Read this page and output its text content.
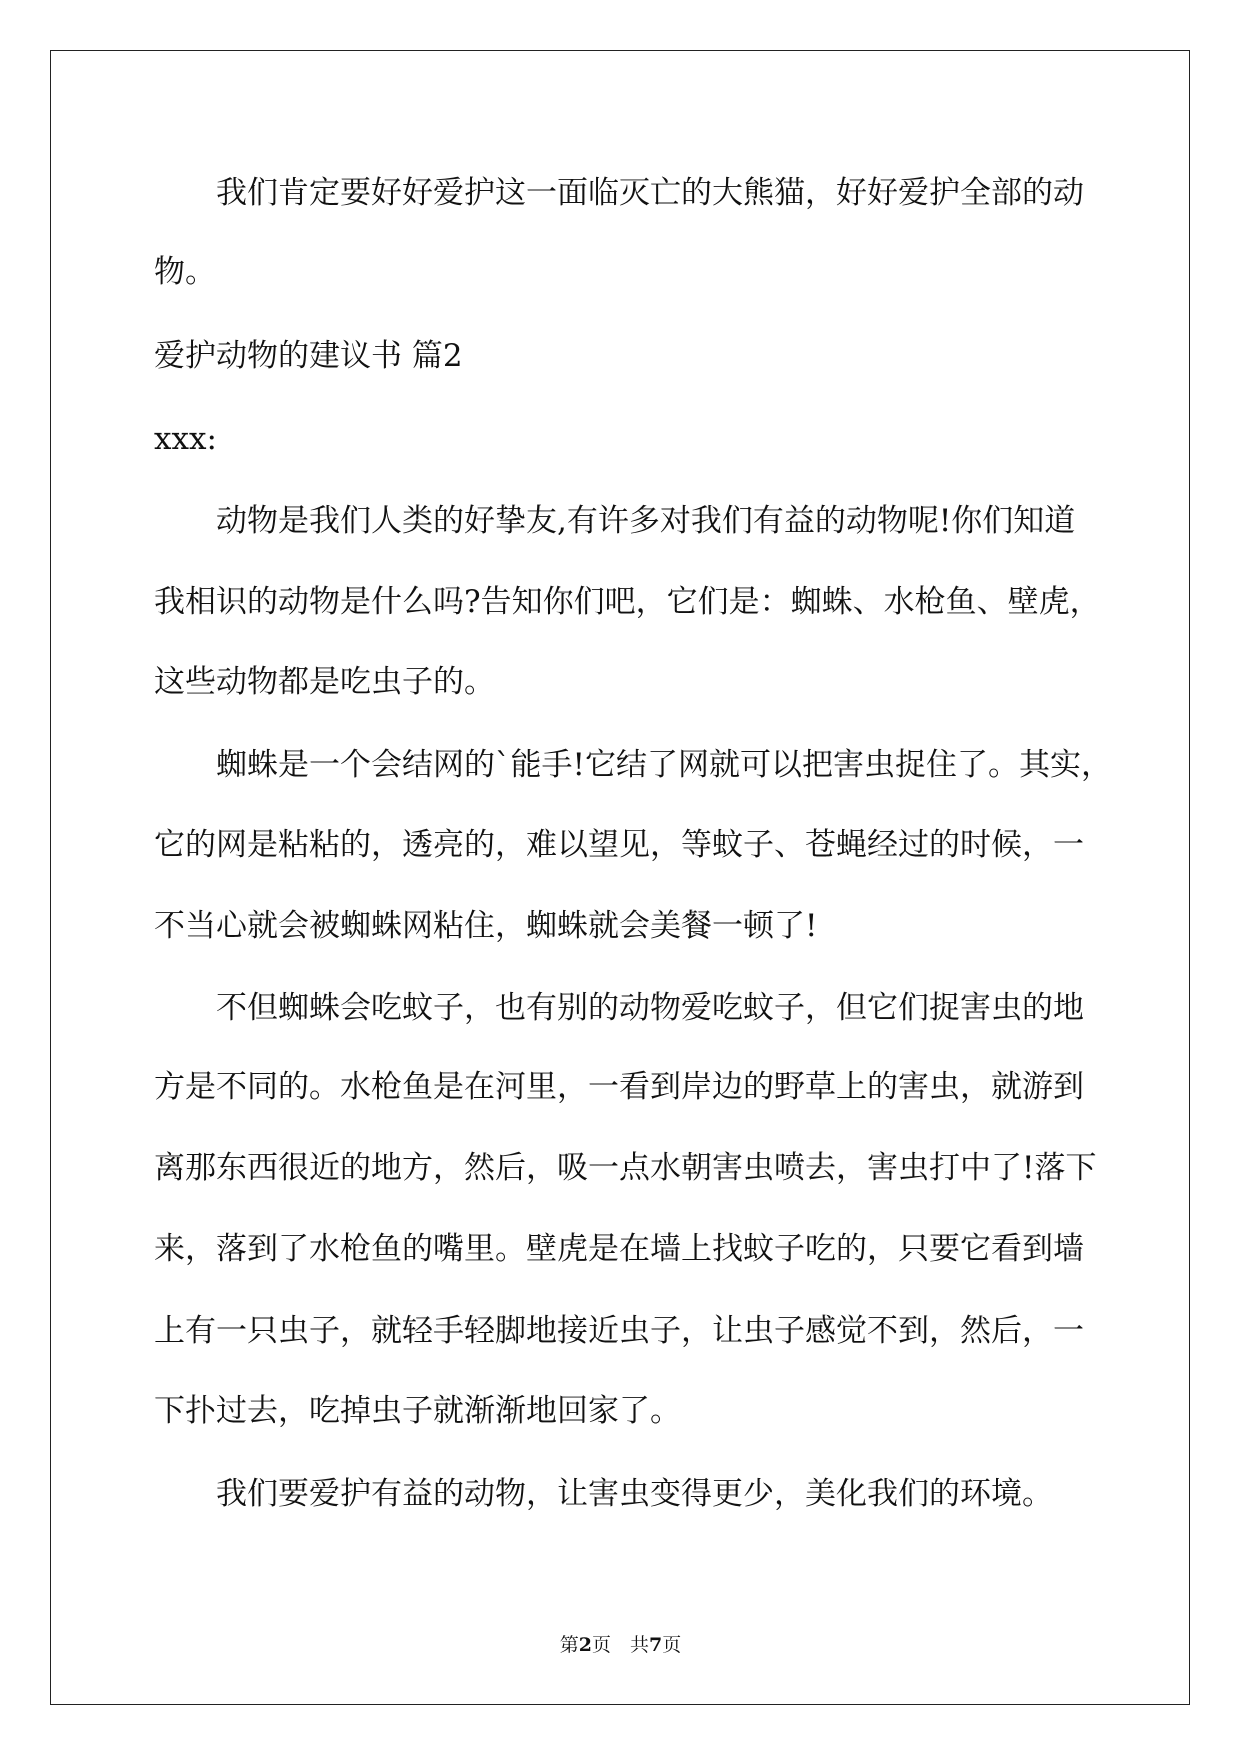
我们肯定要好好爱护这一面临灭亡的大熊猫，好好爱护全部的动
物。
爱护动物的建议书 篇2
xxx:
动物是我们人类的好挚友,有许多对我们有益的动物呢!你们知道
我相识的动物是什么吗?告知你们吧，它们是：蜘蛛、水枪鱼、壁虎，
这些动物都是吃虫子的。
蜘蛛是一个会结网的`能手!它结了网就可以把害虫捉住了。其实，
它的网是粘粘的，透亮的，难以望见，等蚊子、苍蝇经过的时候，一
不当心就会被蜘蛛网粘住，蜘蛛就会美餐一顿了!
不但蜘蛛会吃蚊子，也有别的动物爱吃蚊子，但它们捉害虫的地
方是不同的。水枪鱼是在河里，一看到岸边的野草上的害虫，就游到
离那东西很近的地方，然后，吸一点水朝害虫喷去，害虫打中了!落下
来，落到了水枪鱼的嘴里。壁虎是在墙上找蚊子吃的，只要它看到墙
上有一只虫子，就轻手轻脚地接近虫子，让虫子感觉不到，然后，一
下扑过去，吃掉虫子就渐渐地回家了。
我们要爱护有益的动物，让害虫变得更少，美化我们的环境。
第2页　共7页
